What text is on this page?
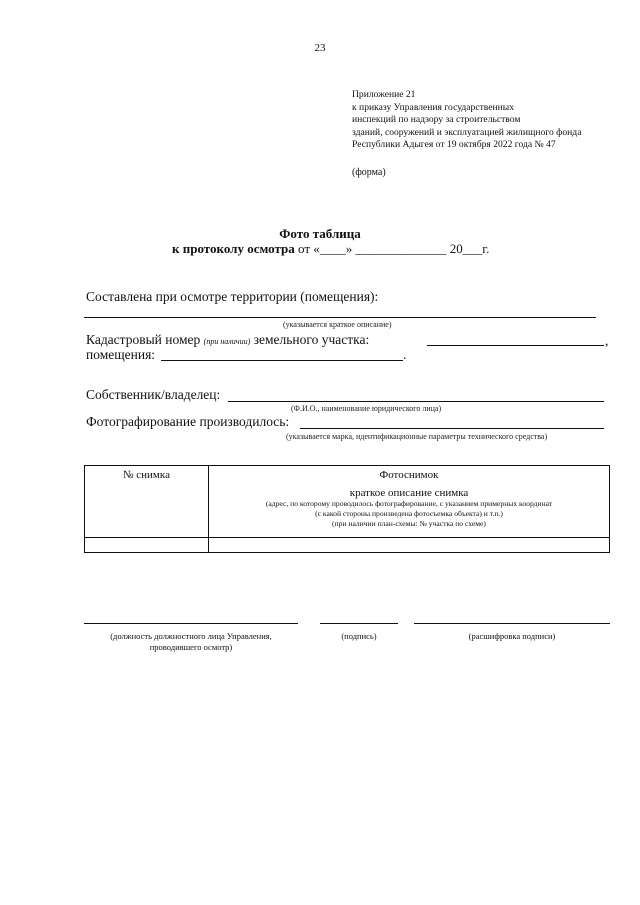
23
Приложение 21
к приказу Управления государственных
инспекций по надзору за строительством
зданий, сооружений и эксплуатацией жилищного фонда
Республики Адыгея от 19 октября 2022 года № 47
(форма)
Фото таблица
к протоколу осмотра от «____» ______________ 20___г.
Составлена при осмотре территории (помещения):
(указывается краткое описание)
Кадастровый номер (при наличии) земельного участка:	,
помещения:	.
Собственник/владелец:
(Ф.И.О., наименование юридического лица)
Фотографирование производилось:
(указывается марка, идентификационные параметры технического средства)
№ снимка	Фотоснимок
краткое описание снимка
(адрес, по которому проводилось фотографирование, с указанием примерных координат
(с какой стороны произведена фотосъемка объекта) и т.п.)
(при наличии план-схемы: № участка по схеме)

(должность должностного лица Управления,
проводившего осмотр)
(подпись)	(расшифровка подписи)
